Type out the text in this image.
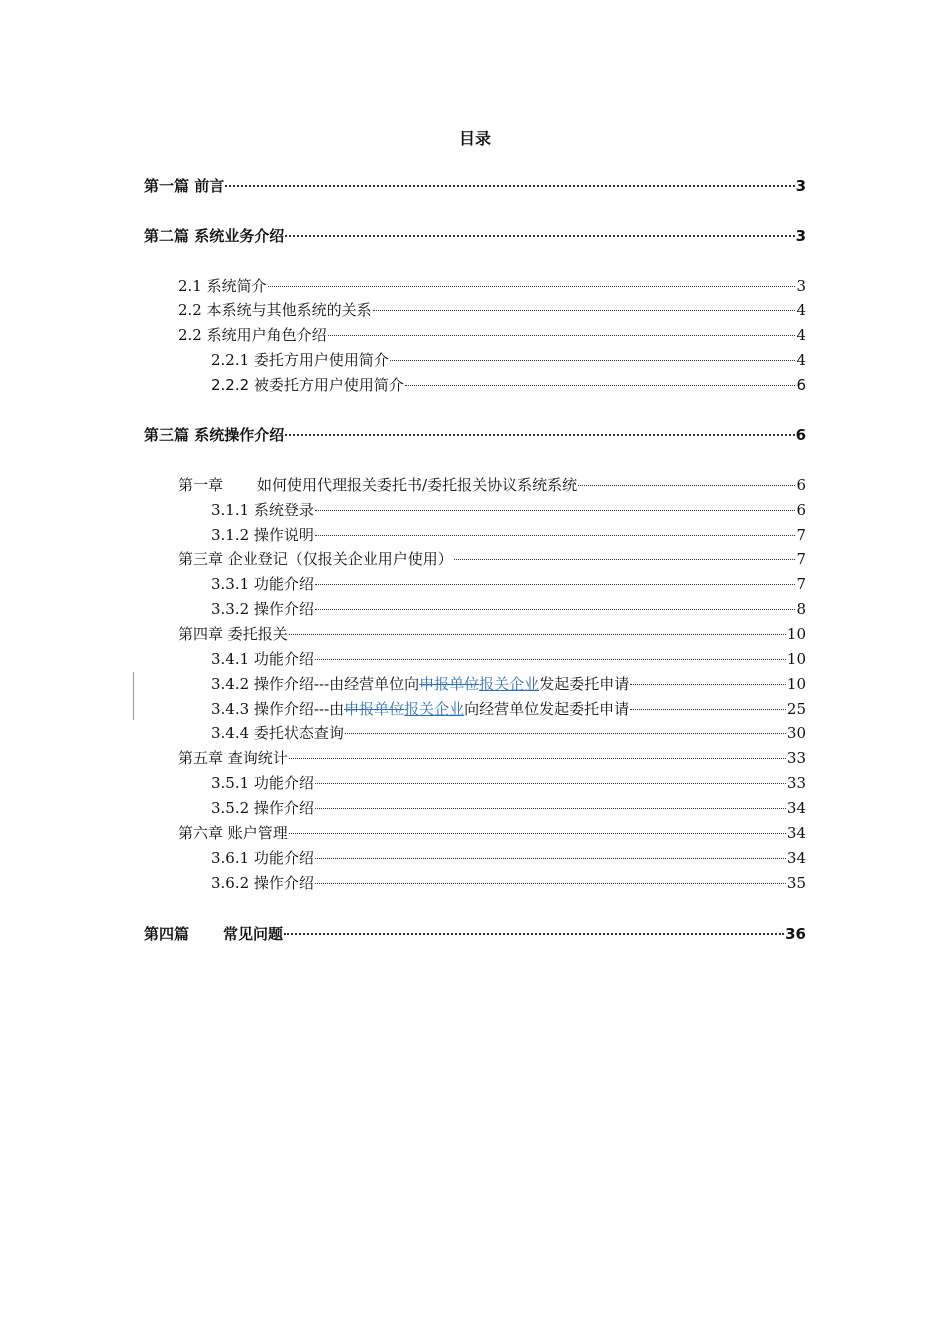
目录
第一篇 前言	3
第二篇 系统业务介绍	3
2.1 系统简介	3
2.2 本系统与其他系统的关系	4
2.2 系统用户角色介绍	4
2.2.1 委托方用户使用简介	4
2.2.2 被委托方用户使用简介	6
第三篇 系统操作介绍	6
第一章 如何使用代理报关委托书/委托报关协议系统系统	6
3.1.1 系统登录	6
3.1.2 操作说明	7
第三章 企业登记（仅报关企业用户使用）	7
3.3.1 功能介绍	7
3.3.2 操作介绍	8
第四章 委托报关	10
3.4.1 功能介绍	10
3.4.2 操作介绍---由经营单位向申报单位报关企业发起委托申请	10
3.4.3 操作介绍---由申报单位报关企业向经营单位发起委托申请	25
3.4.4 委托状态查询	30
第五章 查询统计	33
3.5.1 功能介绍	33
3.5.2 操作介绍	34
第六章 账户管理	34
3.6.1 功能介绍	34
3.6.2 操作介绍	35
第四篇 常见问题	36
